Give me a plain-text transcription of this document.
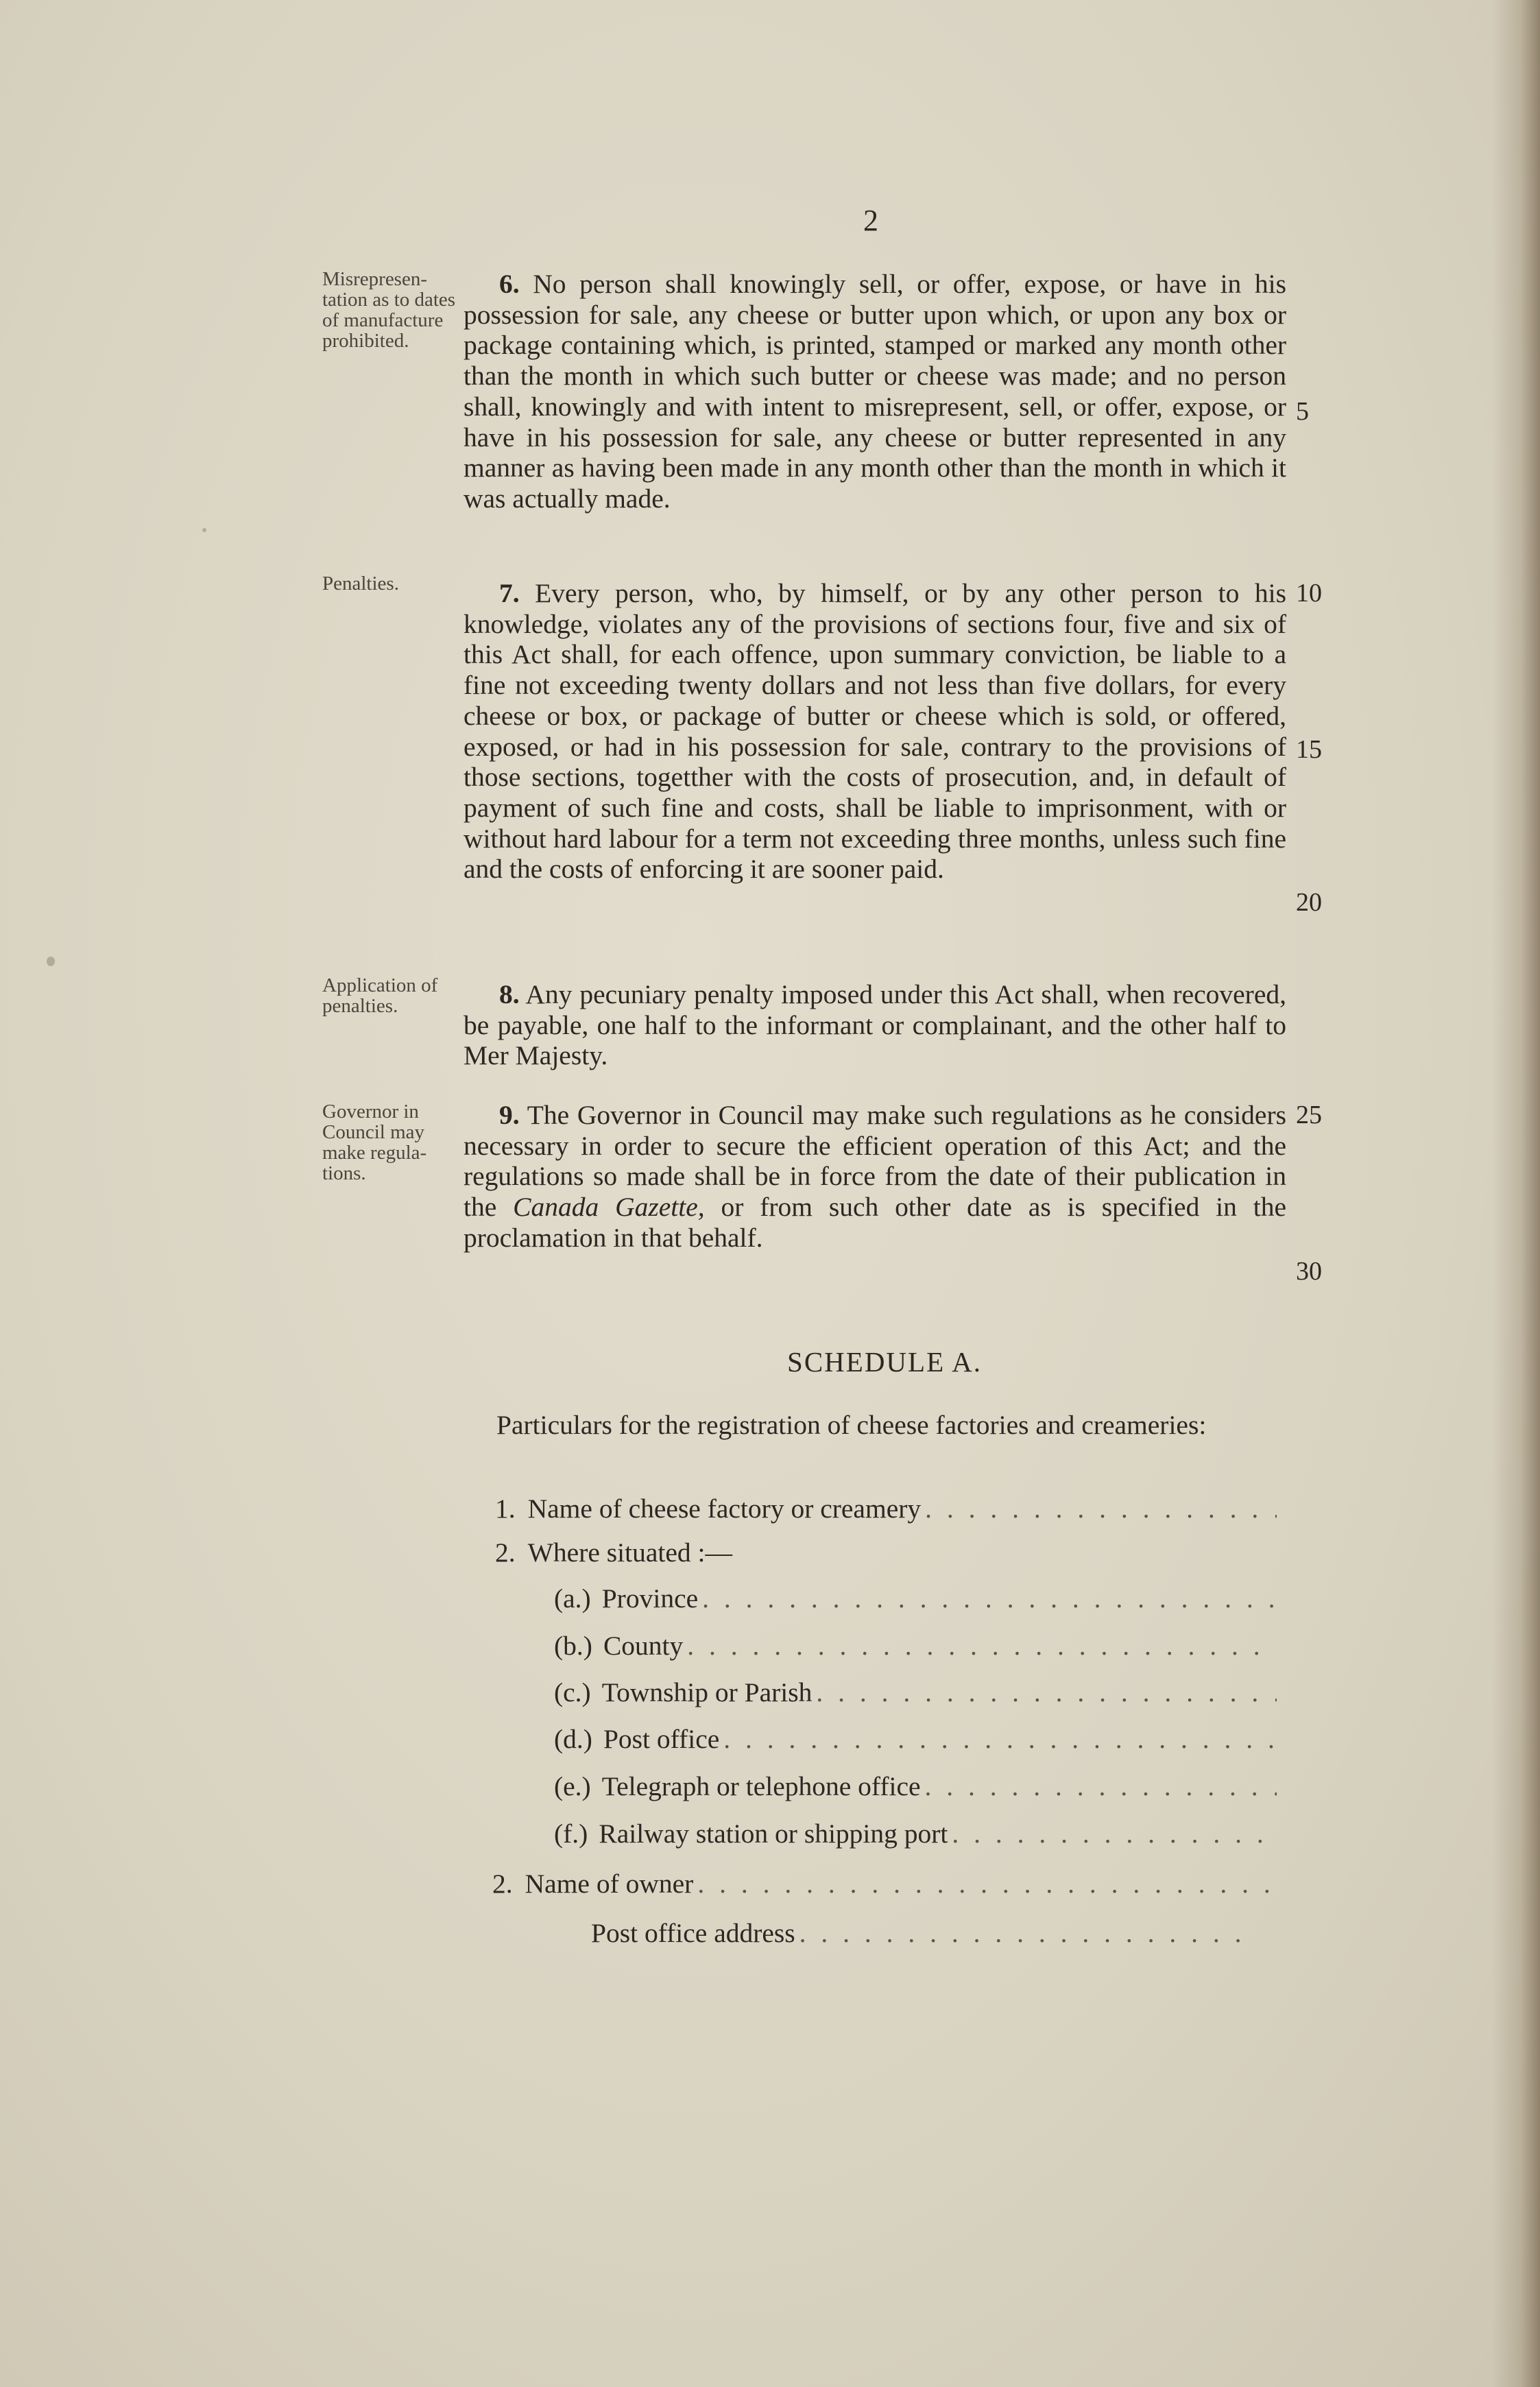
2
Misrepresen-tation as to dates of manufacture prohibited.

6. No person shall knowingly sell, or offer, expose, or have in his possession for sale, any cheese or butter upon which, or upon any box or package containing which, is printed, stamped or marked any month other than the month in which such butter or cheese was made; and no person shall, knowingly and with intent to misrepresent, sell, or offer, expose, or have in his possession for sale, any cheese or butter represented in any manner as having been made in any month other than the month in which it was actually made.

Penalties.	7. Every person, who, by himself, or by any other person to his knowledge, violates any of the provisions of sections four, five and six of this Act shall, for each offence, upon summary conviction, be liable to a fine not exceeding twenty dollars and not less than five dollars, for every cheese or box, or package of butter or cheese which is sold, or offered, exposed, or had in his possession for sale, contrary to the provisions of those sections, togetther with the costs of prosecution, and, in default of payment of such fine and costs, shall be liable to imprisonment, with or without hard labour for a term not exceeding three months, unless such fine and the costs of enforcing it are sooner paid.

Application of penalties.	8. Any pecuniary penalty imposed under this Act shall, when recovered, be payable, one half to the informant or complainant, and the other half to Mer Majesty.

Governor in Council may make regula-tions.

9. The Governor in Council may make such regulations as he considers necessary in order to secure the efficient operation of this Act; and the regulations so made shall be in force from the date of their publication in the Canada Gazette, or from such other date as is specified in the proclamation in that behalf.

5
10
15
20
25
30
SCHEDULE A.

Particulars for the registration of cheese factories and creameries:

1. Name of cheese factory or creamery
. . .
2. Where situated :—
(a.) Province
. . .
(b.) County
. . .
(c.) Township or Parish
. . .
(d.) Post office
. . .
(e.) Telegraph or telephone office
. . .
(f.) Railway station or shipping port
. . .
2. Name of owner
. . .
Post office address
. . .
